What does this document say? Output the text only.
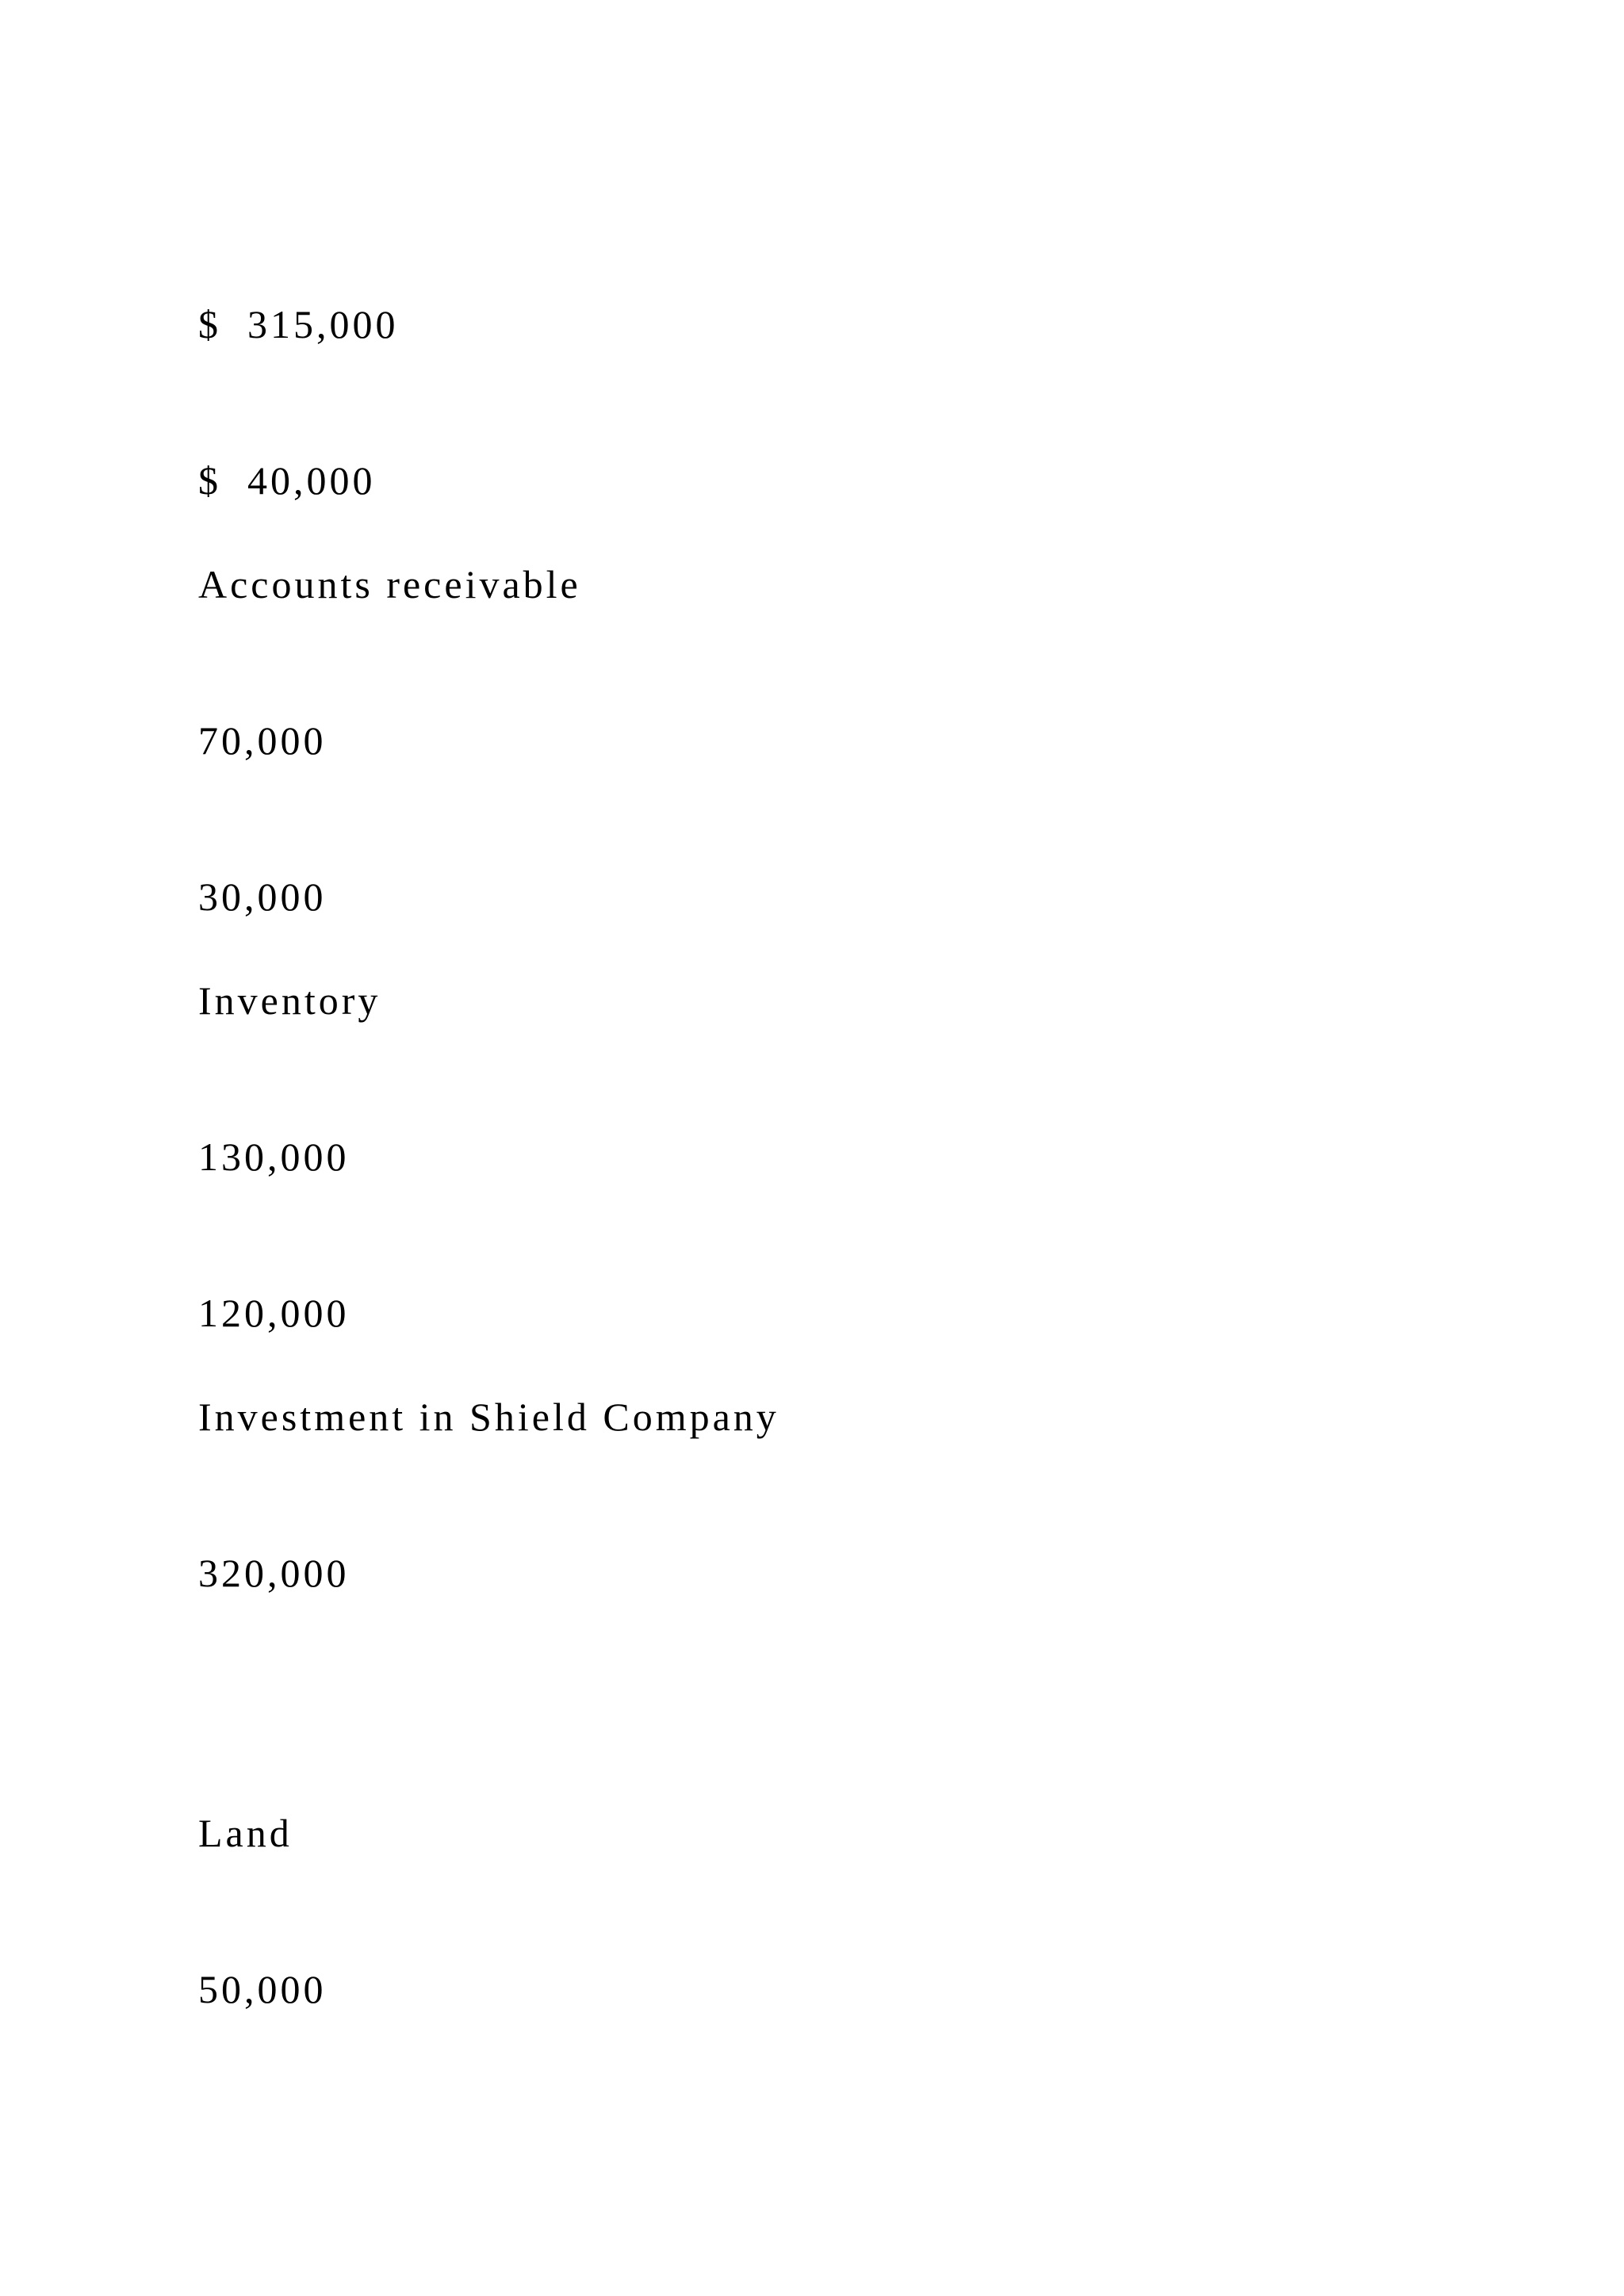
$  315,000
$  40,000
Accounts receivable
70,000
30,000
Inventory
130,000
120,000
Investment in Shield Company
320,000
Land
50,000
